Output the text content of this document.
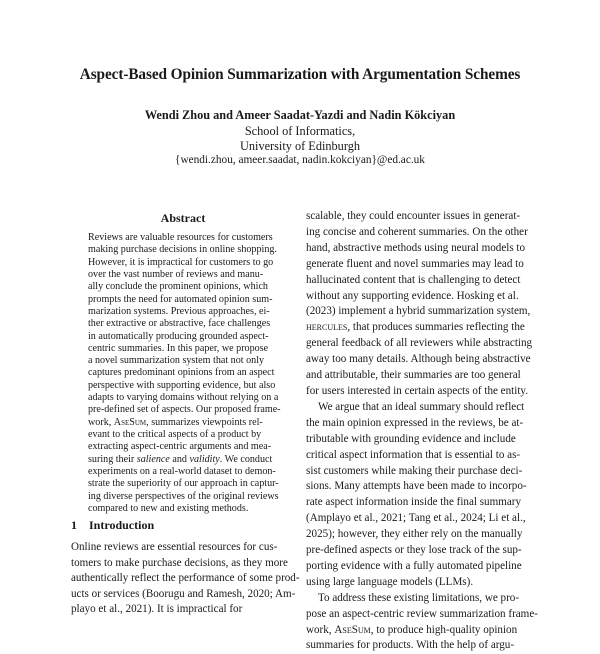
Aspect-Based Opinion Summarization with Argumentation Schemes
Wendi Zhou and Ameer Saadat-Yazdi and Nadin Kökciyan
School of Informatics,
University of Edinburgh
{wendi.zhou, ameer.saadat, nadin.kokciyan}@ed.ac.uk
Abstract
Reviews are valuable resources for customers
making purchase decisions in online shopping.
However, it is impractical for customers to go
over the vast number of reviews and manu-
ally conclude the prominent opinions, which
prompts the need for automated opinion sum-
marization systems. Previous approaches, ei-
ther extractive or abstractive, face challenges
in automatically producing grounded aspect-
centric summaries. In this paper, we propose
a novel summarization system that not only
captures predominant opinions from an aspect
perspective with supporting evidence, but also
adapts to varying domains without relying on a
pre-defined set of aspects. Our proposed frame-
work, AseSum, summarizes viewpoints rel-
evant to the critical aspects of a product by
extracting aspect-centric arguments and mea-
suring their salience and validity. We conduct
experiments on a real-world dataset to demon-
strate the superiority of our approach in captur-
ing diverse perspectives of the original reviews
compared to new and existing methods.
1 Introduction
Online reviews are essential resources for cus-
tomers to make purchase decisions, as they more
authentically reflect the performance of some prod-
ucts or services (Boorugu and Ramesh, 2020; Am-
playo et al., 2021). It is impractical for
scalable, they could encounter issues in generat-
ing concise and coherent summaries. On the other
hand, abstractive methods using neural models to
generate fluent and novel summaries may lead to
hallucinated content that is challenging to detect
without any supporting evidence. Hosking et al.
(2023) implement a hybrid summarization system,
hercules, that produces summaries reflecting the
general feedback of all reviewers while abstracting
away too many details. Although being abstractive
and attributable, their summaries are too general
for users interested in certain aspects of the entity.
We argue that an ideal summary should reflect
the main opinion expressed in the reviews, be at-
tributable with grounding evidence and include
critical aspect information that is essential to as-
sist customers while making their purchase deci-
sions. Many attempts have been made to incorpo-
rate aspect information inside the final summary
(Amplayo et al., 2021; Tang et al., 2024; Li et al.,
2025); however, they either rely on the manually
pre-defined aspects or they lose track of the sup-
porting evidence with a fully automated pipeline
using large language models (LLMs).
To address these existing limitations, we pro-
pose an aspect-centric review summarization frame-
work, AseSum, to produce high-quality opinion
summaries for products. With the help of argu-
